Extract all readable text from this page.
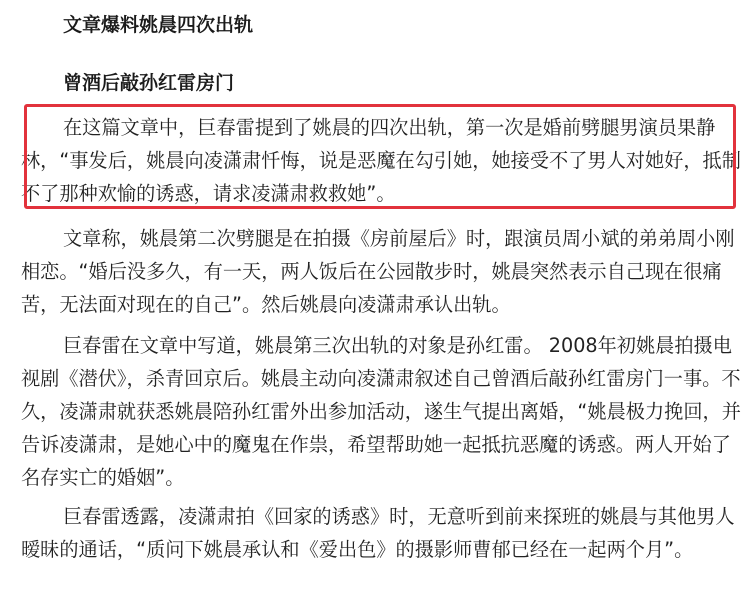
文章爆料姚晨四次出轨
曾酒后敲孙红雷房门

在这篇文章中，巨春雷提到了姚晨的四次出轨，第一次是婚前劈腿男演员果静林，“事发后，姚晨向凌潇肃忏悔，说是恶魔在勾引她，她接受不了男人对她好，抵制不了那种欢愉的诱惑，请求凌潇肃救救她”。

文章称，姚晨第二次劈腿是在拍摄《房前屋后》时，跟演员周小斌的弟弟周小刚相恋。“婚后没多久，有一天，两人饭后在公园散步时，姚晨突然表示自己现在很痛苦，无法面对现在的自己”。然后姚晨向凌潇肃承认出轨。

巨春雷在文章中写道，姚晨第三次出轨的对象是孙红雷。 2008年初姚晨拍摄电视剧《潜伏》，杀青回京后。姚晨主动向凌潇肃叙述自己曾酒后敲孙红雷房门一事。不久，凌潇肃就获悉姚晨陪孙红雷外出参加活动，遂生气提出离婚，“姚晨极力挽回，并告诉凌潇肃，是她心中的魔鬼在作祟，希望帮助她一起抵抗恶魔的诱惑。两人开始了名存实亡的婚姻”。

巨春雷透露，凌潇肃拍《回家的诱惑》时，无意听到前来探班的姚晨与其他男人暧昧的通话，“质问下姚晨承认和《爱出色》的摄影师曹郁已经在一起两个月”。
